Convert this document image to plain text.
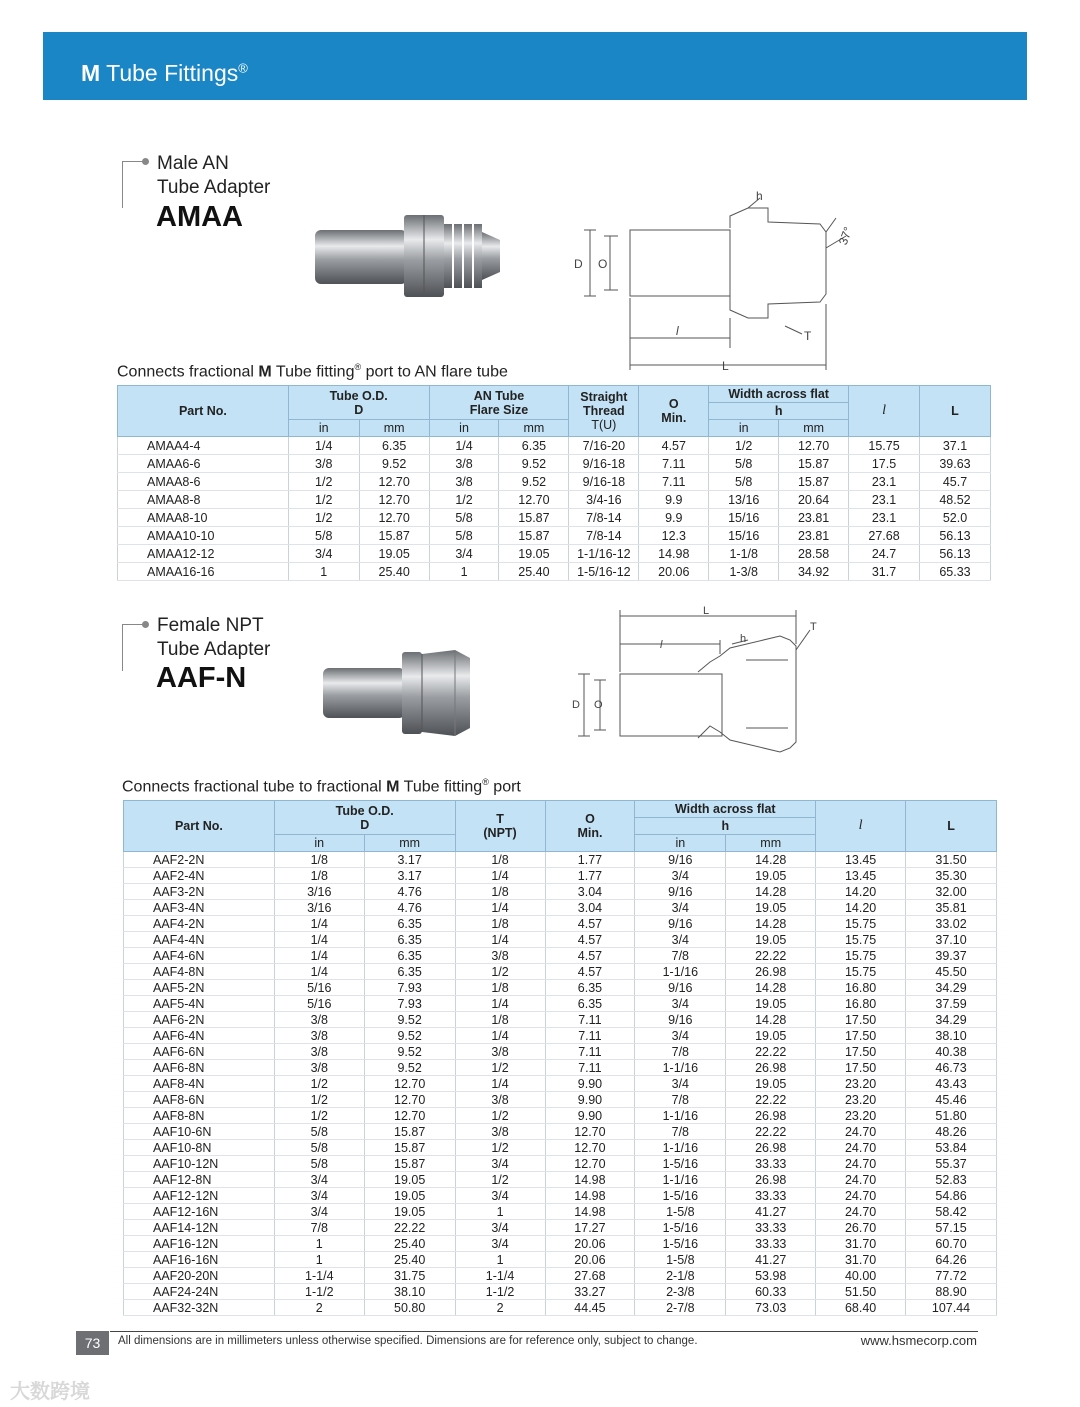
M Tube Fittings®
Male AN
Tube Adapter
AMAA
h
37°
D O
l
L
T
Connects fractional M Tube fitting® port to AN flare tube
Part No.	Tube O.D.
D		AN Tube
Flare Size		Straight
Thread
T(U)	O
Min.	Width across flat		l	L
							h			
	in	mm	in	mm			in	mm		
AMAA4-4	1/4	6.35	1/4	6.35	7/16-20	4.57	1/2	12.70	15.75	37.1
AMAA6-6	3/8	9.52	3/8	9.52	9/16-18	7.11	5/8	15.87	17.5	39.63
AMAA8-6	1/2	12.70	3/8	9.52	9/16-18	7.11	5/8	15.87	23.1	45.7
AMAA8-8	1/2	12.70	1/2	12.70	3/4-16	9.9	13/16	20.64	23.1	48.52
AMAA8-10	1/2	12.70	5/8	15.87	7/8-14	9.9	15/16	23.81	23.1	52.0
AMAA10-10	5/8	15.87	5/8	15.87	7/8-14	12.3	15/16	23.81	27.68	56.13
AMAA12-12	3/4	19.05	3/4	19.05	1-1/16-12	14.98	1-1/8	28.58	24.7	56.13
AMAA16-16	1	25.40	1	25.40	1-5/16-12	20.06	1-3/8	34.92	31.7	65.33
Female NPT
Tube Adapter
AAF-N
L
l	h
T
D O
Connects fractional tube to fractional M Tube fitting® port
Part No.	Tube O.D.
D		T
(NPT)	O
Min.	Width across flat		l	L
					h			
	in	mm			in	mm		
AAF2-2N	1/8	3.17	1/8	1.77	9/16	14.28	13.45	31.50
AAF2-4N	1/8	3.17	1/4	1.77	3/4	19.05	13.45	35.30
AAF3-2N	3/16	4.76	1/8	3.04	9/16	14.28	14.20	32.00
AAF3-4N	3/16	4.76	1/4	3.04	3/4	19.05	14.20	35.81
AAF4-2N	1/4	6.35	1/8	4.57	9/16	14.28	15.75	33.02
AAF4-4N	1/4	6.35	1/4	4.57	3/4	19.05	15.75	37.10
AAF4-6N	1/4	6.35	3/8	4.57	7/8	22.22	15.75	39.37
AAF4-8N	1/4	6.35	1/2	4.57	1-1/16	26.98	15.75	45.50
AAF5-2N	5/16	7.93	1/8	6.35	9/16	14.28	16.80	34.29
AAF5-4N	5/16	7.93	1/4	6.35	3/4	19.05	16.80	37.59
AAF6-2N	3/8	9.52	1/8	7.11	9/16	14.28	17.50	34.29
AAF6-4N	3/8	9.52	1/4	7.11	3/4	19.05	17.50	38.10
AAF6-6N	3/8	9.52	3/8	7.11	7/8	22.22	17.50	40.38
AAF6-8N	3/8	9.52	1/2	7.11	1-1/16	26.98	17.50	46.73
AAF8-4N	1/2	12.70	1/4	9.90	3/4	19.05	23.20	43.43
AAF8-6N	1/2	12.70	3/8	9.90	7/8	22.22	23.20	45.46
AAF8-8N	1/2	12.70	1/2	9.90	1-1/16	26.98	23.20	51.80
AAF10-6N	5/8	15.87	3/8	12.70	7/8	22.22	24.70	48.26
AAF10-8N	5/8	15.87	1/2	12.70	1-1/16	26.98	24.70	53.84
AAF10-12N	5/8	15.87	3/4	12.70	1-5/16	33.33	24.70	55.37
AAF12-8N	3/4	19.05	1/2	14.98	1-1/16	26.98	24.70	52.83
AAF12-12N	3/4	19.05	3/4	14.98	1-5/16	33.33	24.70	54.86
AAF12-16N	3/4	19.05	1	14.98	1-5/8	41.27	24.70	58.42
AAF14-12N	7/8	22.22	3/4	17.27	1-5/16	33.33	26.70	57.15
AAF16-12N	1	25.40	3/4	20.06	1-5/16	33.33	31.70	60.70
AAF16-16N	1	25.40	1	20.06	1-5/8	41.27	31.70	64.26
AAF20-20N	1-1/4	31.75	1-1/4	27.68	2-1/8	53.98	40.00	77.72
AAF24-24N	1-1/2	38.10	1-1/2	33.27	2-3/8	60.33	51.50	88.90
AAF32-32N	2	50.80	2	44.45	2-7/8	73.03	68.40	107.44
73	All dimensions are in millimeters unless otherwise specified. Dimensions are for reference only, subject to change.	www.hsmecorp.com
大数跨境
